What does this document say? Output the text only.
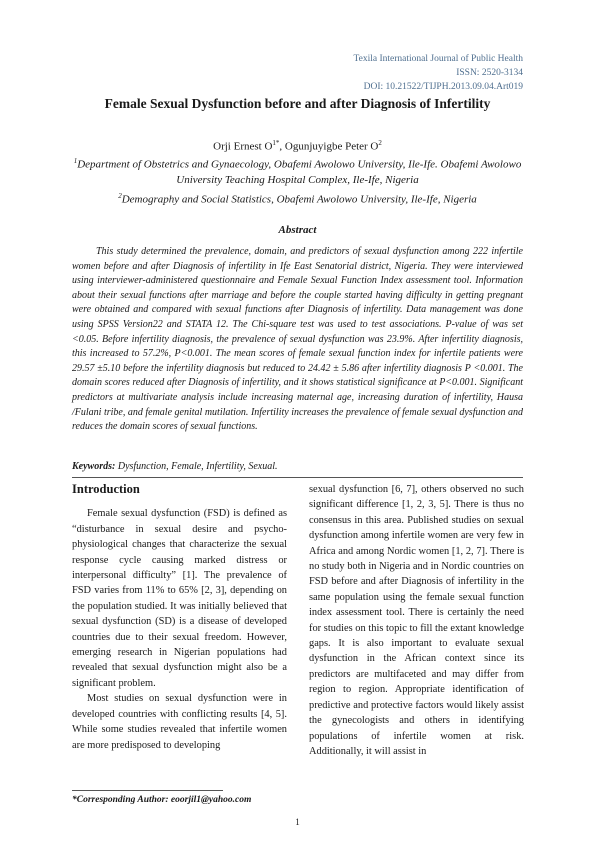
Texila International Journal of Public Health
ISSN: 2520-3134
DOI: 10.21522/TIJPH.2013.09.04.Art019
Female Sexual Dysfunction before and after Diagnosis of Infertility
Orji Ernest $O^{1*}$, Ogunjuyigbe Peter $O^2$
$^1$Department of Obstetrics and Gynaecology, Obafemi Awolowo University, Ile-Ife. Obafemi Awolowo University Teaching Hospital Complex, Ile-Ife, Nigeria
$^2$Demography and Social Statistics, Obafemi Awolowo University, Ile-Ife, Nigeria
Abstract

This study determined the prevalence, domain, and predictors of sexual dysfunction among 222 infertile women before and after Diagnosis of infertility in Ife East Senatorial district, Nigeria. They were interviewed using interviewer-administered questionnaire and Female Sexual Function Index assessment tool. Information about their sexual functions after marriage and before the couple started having difficulty in getting pregnant were obtained and compared with sexual functions after Diagnosis of infertility. Data management was done using SPSS Version22 and STATA 12. The Chi-square test was used to test associations. P-value of was set <0.05. Before infertility diagnosis, the prevalence of sexual dysfunction was 23.9%. After infertility diagnosis, this increased to 57.2%, P<0.001. The mean scores of female sexual function index for infertile patients were 29.57 ±5.10 before the infertility diagnosis but reduced to 24.42 ± 5.86 after infertility diagnosis P <0.001. The domain scores reduced after Diagnosis of infertility, and it shows statistical significance at P<0.001. Significant predictors at multivariate analysis include increasing maternal age, increasing duration of infertility, Hausa /Fulani tribe, and female genital mutilation. Infertility increases the prevalence of female sexual dysfunction and reduces the domain scores of sexual functions.

Keywords: Dysfunction, Female, Infertility, Sexual.
Introduction

Female sexual dysfunction (FSD) is defined as “disturbance in sexual desire and psycho-physiological changes that characterize the sexual response cycle causing marked distress or interpersonal difficulty” [1]. The prevalence of FSD varies from 11% to 65% [2, 3], depending on the population studied. It was initially believed that sexual dysfunction (SD) is a disease of developed countries due to their sexual freedom. However, emerging research in Nigerian populations had revealed that sexual dysfunction might also be a significant problem.

Most studies on sexual dysfunction were in developed countries with conflicting results [4, 5]. While some studies revealed that infertile women are more predisposed to developing

sexual dysfunction [6, 7], others observed no such significant difference [1, 2, 3, 5]. There is thus no consensus in this area. Published studies on sexual dysfunction among infertile women are very few in Africa and among Nordic women [1, 2, 7]. There is no study both in Nigeria and in Nordic countries on FSD before and after Diagnosis of infertility in the same population using the female sexual function index assessment tool. There is certainly the need for studies on this topic to fill the extant knowledge gaps. It is also important to evaluate sexual dysfunction in the African context since its predictors are multifaceted and may differ from region to region. Appropriate identification of predictive and protective factors would likely assist the gynecologists and others in identifying populations of infertile women at risk. Additionally, it will assist in

*Corresponding Author: eoorjil1@yahoo.com
1
